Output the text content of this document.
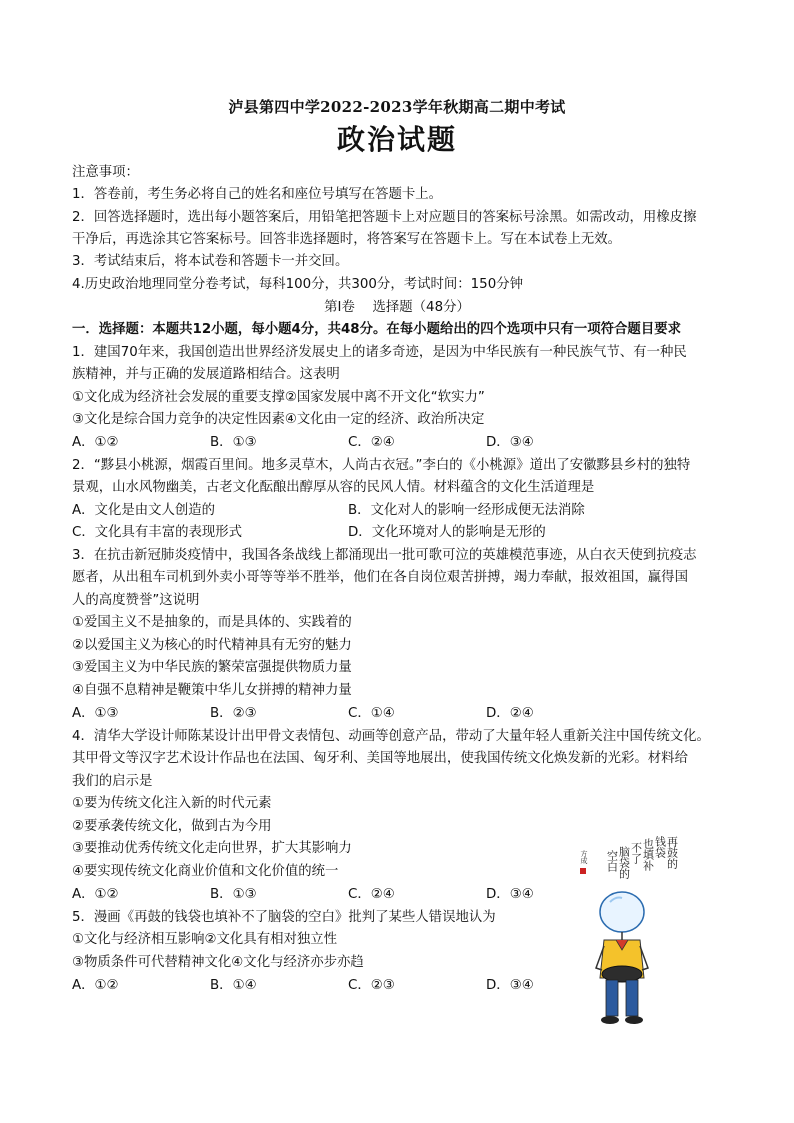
泸县第四中学2022-2023学年秋期高二期中考试
政治试题
注意事项：
1．答卷前，考生务必将自己的姓名和座位号填写在答题卡上。
2．回答选择题时，选出每小题答案后，用铅笔把答题卡上对应题目的答案标号涂黑。如需改动，用橡皮擦
干净后，再选涂其它答案标号。回答非选择题时，将答案写在答题卡上。写在本试卷上无效。
3．考试结束后，将本试卷和答题卡一并交回。
4.历史政治地理同堂分卷考试，每科100分，共300分，考试时间：150分钟
第Ⅰ卷　 选择题（48分）
一．选择题：本题共12小题，每小题4分，共48分。在每小题给出的四个选项中只有一项符合题目要求
1．建国70年来，我国创造出世界经济发展史上的诸多奇迹，是因为中华民族有一种民族气节、有一种民
族精神，并与正确的发展道路相结合。这表明
①文化成为经济社会发展的重要支撑②国家发展中离不开文化“软实力”
③文化是综合国力竞争的决定性因素④文化由一定的经济、政治所决定
A．①②	B．①③	C．②④	D．③④
2．“黟县小桃源，烟霞百里间。地多灵草木，人尚古衣冠。”李白的《小桃源》道出了安徽黟县乡村的独特
景观，山水风物幽美，古老文化酝酿出醇厚从容的民风人情。材料蕴含的文化生活道理是
A．文化是由文人创造的	B．文化对人的影响一经形成便无法消除
C．文化具有丰富的表现形式	D．文化环境对人的影响是无形的
3．在抗击新冠肺炎疫情中，我国各条战线上都涌现出一批可歌可泣的英雄模范事迹，从白衣天使到抗疫志
愿者，从出租车司机到外卖小哥等等举不胜举，他们在各自岗位艰苦拼搏，竭力奉献，报效祖国，赢得国
人的高度赞誉”这说明
①爱国主义不是抽象的，而是具体的、实践着的
②以爱国主义为核心的时代精神具有无穷的魅力
③爱国主义为中华民族的繁荣富强提供物质力量
④自强不息精神是鞭策中华儿女拼搏的精神力量
A．①③	B．②③	C．①④	D．②④
4．清华大学设计师陈某设计出甲骨文表情包、动画等创意产品，带动了大量年轻人重新关注中国传统文化。
其甲骨文等汉字艺术设计作品也在法国、匈牙利、美国等地展出，使我国传统文化焕发新的光彩。材料给
我们的启示是
①要为传统文化注入新的时代元素
②要承袭传统文化，做到古为今用
③要推动优秀传统文化走向世界，扩大其影响力
④要实现传统文化商业价值和文化价值的统一
A．①②	B．①③	C．②④	D．③④
5．漫画《再鼓的钱袋也填补不了脑袋的空白》批判了某些人错误地认为
①文化与经济相互影响②文化具有相对独立性
③物质条件可代替精神文化④文化与经济亦步亦趋
A．①②	B．①④	C．②③	D．③④
再鼓的
钱袋
也填补
不了
脑袋的
空白
方成
